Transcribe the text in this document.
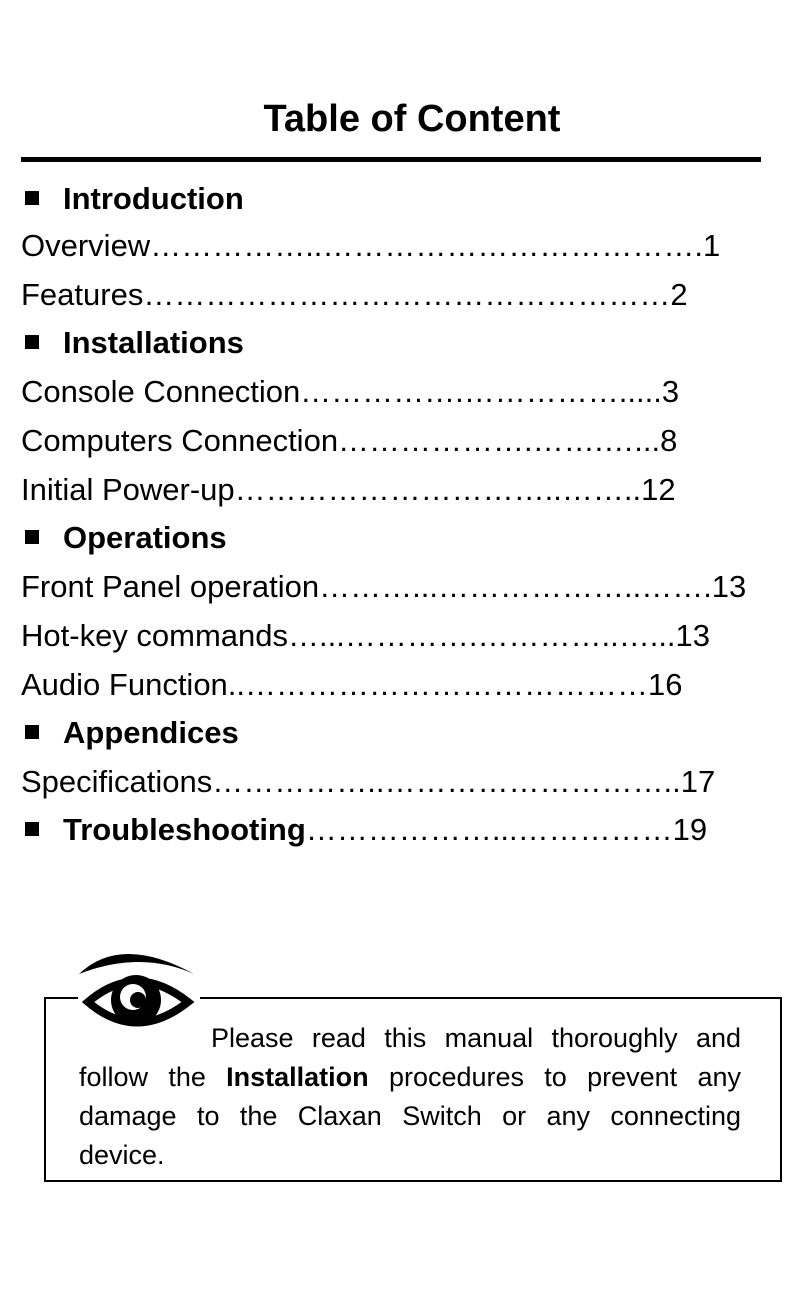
Table of Content
Introduction
Overview……………..……………………………….1
Features……………………………………………2
Installations
Console Connection…………….…………….....3
Computers Connection……………….…….…...8
Initial Power-up…………………………..……..12
Operations
Front Panel operation………...………………..…….13
Hot-key commands…...………….…………..…...13
Audio Function..…………………………………16
Appendices
Specifications……………..………………………..17
Troubleshooting………………...……………19
Please read this manual thoroughly and follow the Installation procedures to prevent any damage to the Claxan Switch or any connecting device.
